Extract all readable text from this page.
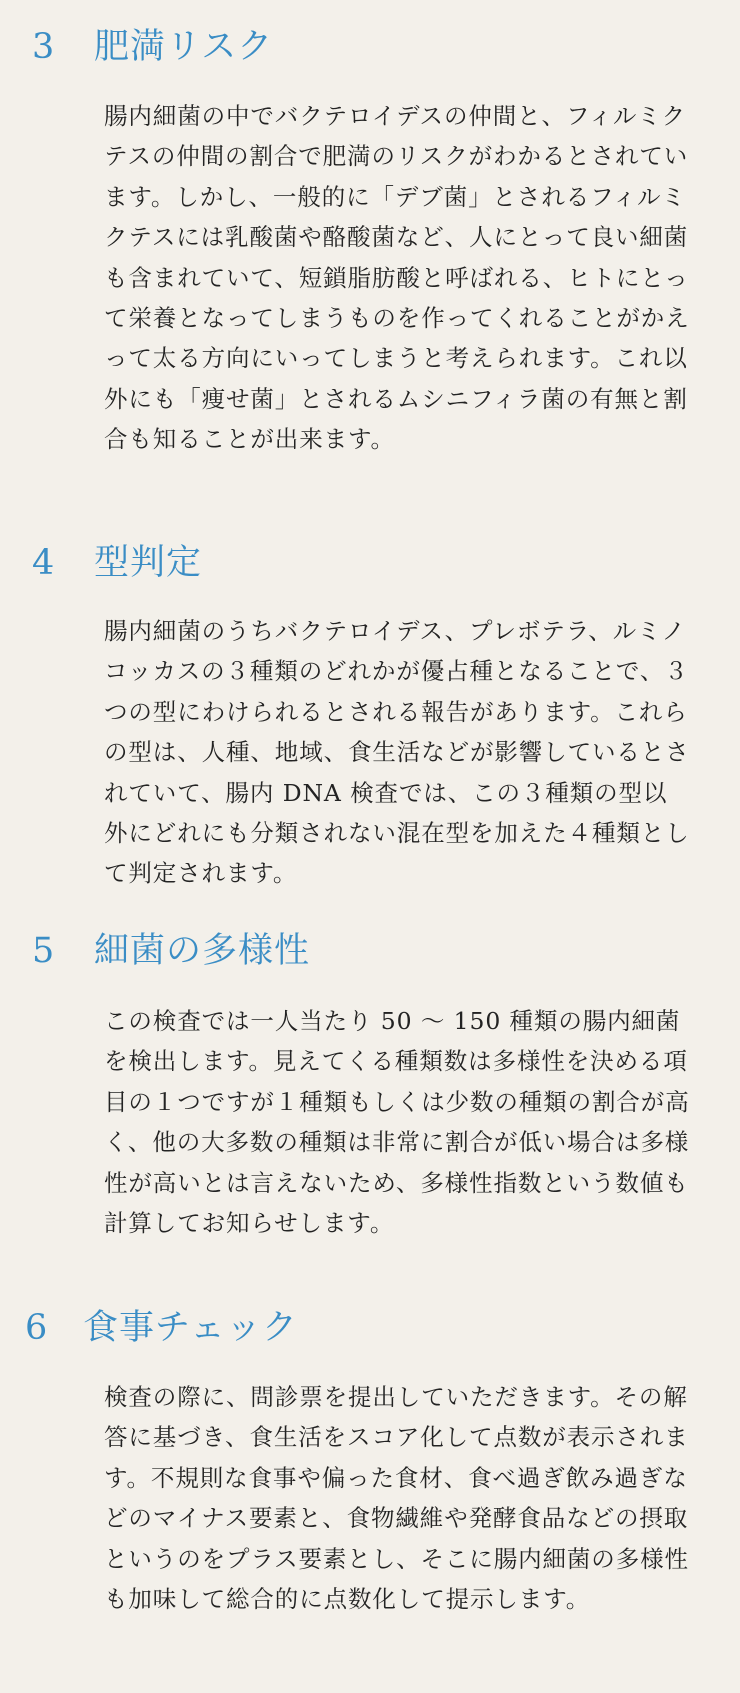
3	肥満リスク

腸内細菌の中でバクテロイデスの仲間と、フィルミクテスの仲間の割合で肥満のリスクがわかるとされています。しかし、一般的に「デブ菌」とされるフィルミクテスには乳酸菌や酪酸菌など、人にとって良い細菌も含まれていて、短鎖脂肪酸と呼ばれる、ヒトにとって栄養となってしまうものを作ってくれることがかえって太る方向にいってしまうと考えられます。これ以外にも「痩せ菌」とされるムシニフィラ菌の有無と割合も知ることが出来ます。

4	型判定

腸内細菌のうちバクテロイデス、プレボテラ、ルミノコッカスの３種類のどれかが優占種となることで、３つの型にわけられるとされる報告があります。これらの型は、人種、地域、食生活などが影響しているとされていて、腸内 DNA 検査では、この３種類の型以外にどれにも分類されない混在型を加えた４種類として判定されます。

5	細菌の多様性

この検査では一人当たり 50 〜 150 種類の腸内細菌を検出します。見えてくる種類数は多様性を決める項目の１つですが１種類もしくは少数の種類の割合が高く、他の大多数の種類は非常に割合が低い場合は多様性が高いとは言えないため、多様性指数という数値も計算してお知らせします。

6 食事チェック

検査の際に、問診票を提出していただきます。その解答に基づき、食生活をスコア化して点数が表示されます。不規則な食事や偏った食材、食べ過ぎ飲み過ぎなどのマイナス要素と、食物繊維や発酵食品などの摂取というのをプラス要素とし、そこに腸内細菌の多様性も加味して総合的に点数化して提示します。
